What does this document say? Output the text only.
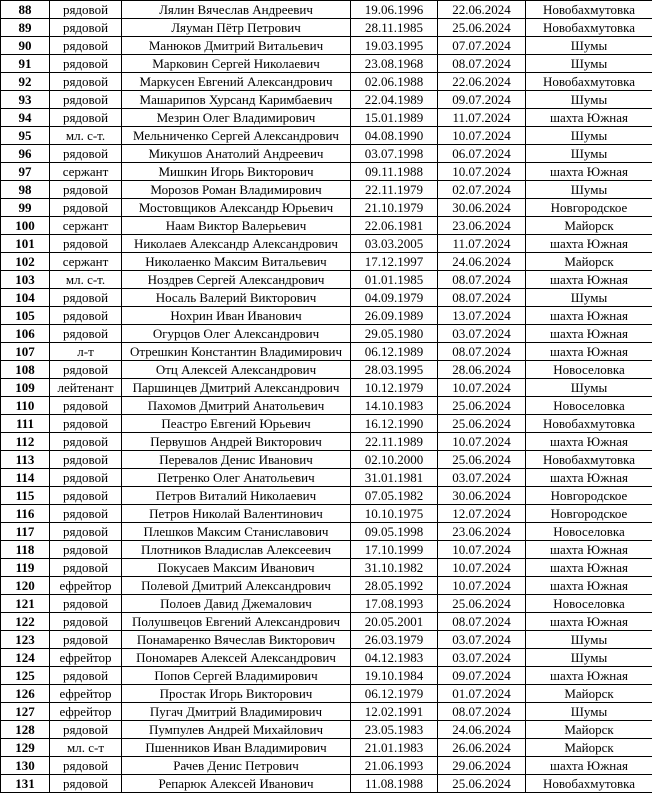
88	рядовой	Лялин Вячеслав Андреевич	19.06.1996	22.06.2024	Новобахмутовка
89	рядовой	Ляуман Пётр Петрович	28.11.1985	25.06.2024	Новобахмутовка
90	рядовой	Манюков Дмитрий Витальевич	19.03.1995	07.07.2024	Шумы
91	рядовой	Марковин Сергей Николаевич	23.08.1968	08.07.2024	Шумы
92	рядовой	Маркусен Евгений Александрович	02.06.1988	22.06.2024	Новобахмутовка
93	рядовой	Машарипов Хурсанд Каримбаевич	22.04.1989	09.07.2024	Шумы
94	рядовой	Мезрин Олег Владимирович	15.01.1989	11.07.2024	шахта Южная
95	мл. с-т.	Мельниченко Сергей Александрович	04.08.1990	10.07.2024	Шумы
96	рядовой	Микушов Анатолий Андреевич	03.07.1998	06.07.2024	Шумы
97	сержант	Мишкин Игорь Викторович	09.11.1988	10.07.2024	шахта Южная
98	рядовой	Морозов Роман Владимирович	22.11.1979	02.07.2024	Шумы
99	рядовой	Мостовщиков Александр Юрьевич	21.10.1979	30.06.2024	Новгородское
100	сержант	Наам Виктор Валерьевич	22.06.1981	23.06.2024	Майорск
101	рядовой	Николаев Александр Александрович	03.03.2005	11.07.2024	шахта Южная
102	сержант	Николаенко Максим Витальевич	17.12.1997	24.06.2024	Майорск
103	мл. с-т.	Ноздрев Сергей Александрович	01.01.1985	08.07.2024	шахта Южная
104	рядовой	Носаль Валерий Викторович	04.09.1979	08.07.2024	Шумы
105	рядовой	Нохрин Иван Иванович	26.09.1989	13.07.2024	шахта Южная
106	рядовой	Огурцов Олег Александрович	29.05.1980	03.07.2024	шахта Южная
107	л-т	Отрешкин Константин Владимирович	06.12.1989	08.07.2024	шахта Южная
108	рядовой	Отц Алексей Александрович	28.03.1995	28.06.2024	Новоселовка
109	лейтенант	Паршинцев Дмитрий Александрович	10.12.1979	10.07.2024	Шумы
110	рядовой	Пахомов Дмитрий Анатольевич	14.10.1983	25.06.2024	Новоселовка
111	рядовой	Пеастро Евгений Юрьевич	16.12.1990	25.06.2024	Новобахмутовка
112	рядовой	Первушов Андрей Викторович	22.11.1989	10.07.2024	шахта Южная
113	рядовой	Перевалов Денис Иванович	02.10.2000	25.06.2024	Новобахмутовка
114	рядовой	Петренко Олег Анатольевич	31.01.1981	03.07.2024	шахта Южная
115	рядовой	Петров Виталий Николаевич	07.05.1982	30.06.2024	Новгородское
116	рядовой	Петров Николай Валентинович	10.10.1975	12.07.2024	Новгородское
117	рядовой	Плешков Максим Станиславович	09.05.1998	23.06.2024	Новоселовка
118	рядовой	Плотников Владислав Алексеевич	17.10.1999	10.07.2024	шахта Южная
119	рядовой	Покусаев Максим Иванович	31.10.1982	10.07.2024	шахта Южная
120	ефрейтор	Полевой Дмитрий Александрович	28.05.1992	10.07.2024	шахта Южная
121	рядовой	Полоев Давид Джемалович	17.08.1993	25.06.2024	Новоселовка
122	рядовой	Полушвецов Евгений Александрович	20.05.2001	08.07.2024	шахта Южная
123	рядовой	Понамаренко Вячеслав Викторович	26.03.1979	03.07.2024	Шумы
124	ефрейтор	Пономарев Алексей Александрович	04.12.1983	03.07.2024	Шумы
125	рядовой	Попов Сергей Владимирович	19.10.1984	09.07.2024	шахта Южная
126	ефрейтор	Простак Игорь Викторович	06.12.1979	01.07.2024	Майорск
127	ефрейтор	Пугач Дмитрий Владимирович	12.02.1991	08.07.2024	Шумы
128	рядовой	Пумпулев Андрей Михайлович	23.05.1983	24.06.2024	Майорск
129	мл. с-т	Пшенников Иван Владимирович	21.01.1983	26.06.2024	Майорск
130	рядовой	Рачев Денис Петрович	21.06.1993	29.06.2024	шахта Южная
131	рядовой	Репарюк Алексей Иванович	11.08.1988	25.06.2024	Новобахмутовка
